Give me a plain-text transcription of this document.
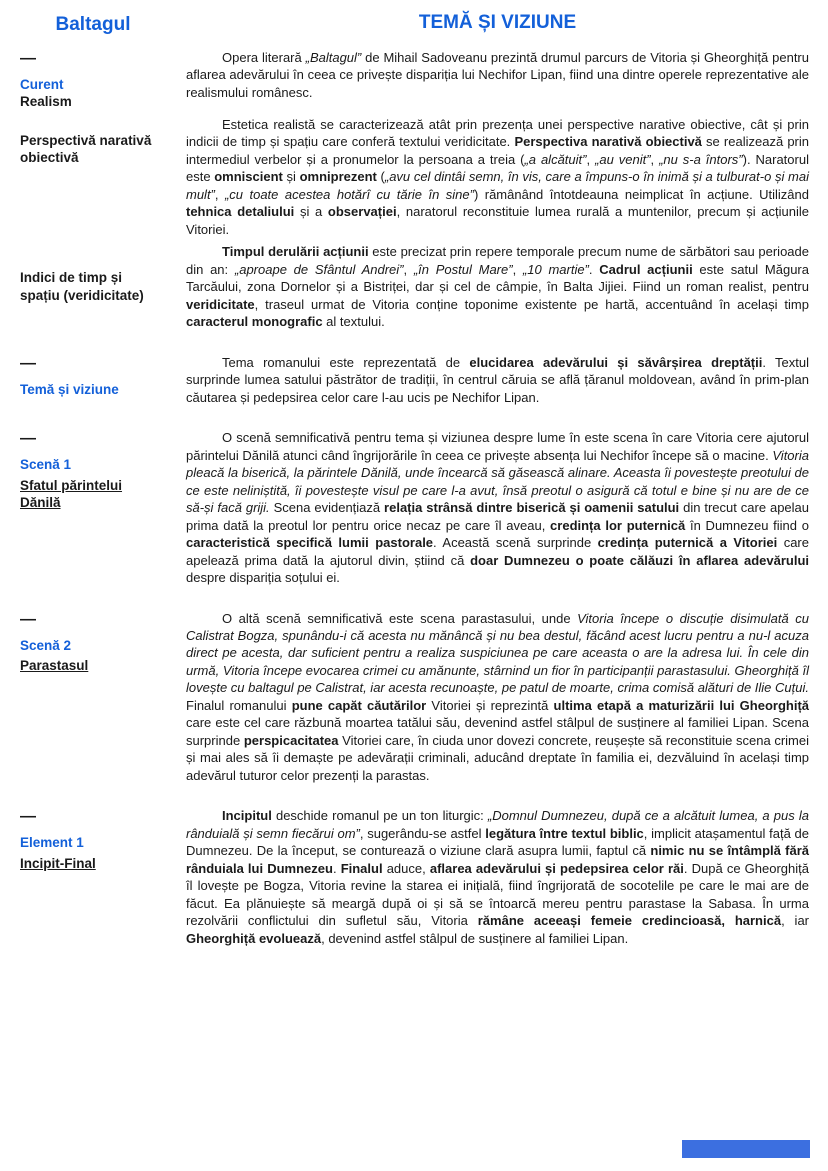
Baltagul	TEMĂ ȘI VIZIUNE
—
Curent
Realism

Opera literară „Baltagul” de Mihail Sadoveanu prezintă drumul parcurs de Vitoria și Gheorghiță pentru aflarea adevărului în ceea ce privește dispariția lui Nechifor Lipan, fiind una dintre operele reprezentative ale realismului românesc.

Perspectivă narativă obiectivă

Estetica realistă se caracterizează atât prin prezența unei perspective narative obiective, cât și prin indicii de timp și spațiu care conferă textului veridicitate. Perspectiva narativă obiectivă se realizează prin intermediul verbelor și a pronumelor la persoana a treia („a alcătuit”, „au venit”, „nu s-a întors”). Naratorul este omniscient și omniprezent („avu cel dintâi semn, în vis, care a împuns-o în inimă și a tulburat-o și mai mult”, „cu toate acestea hotărî cu tărie în sine”) rămânând întotdeauna neimplicat în acțiune. Utilizând tehnica detaliului și a observației, naratorul reconstituie lumea rurală a muntenilor, precum și acțiunile Vitoriei.

Indici de timp și spațiu (veridicitate)

Timpul derulării acțiunii este precizat prin repere temporale precum nume de sărbători sau perioade din an: „aproape de Sfântul Andrei”, „în Postul Mare”, „10 martie”. Cadrul acțiunii este satul Măgura Tarcăului, zona Dornelor și a Bistriței, dar și cel de câmpie, în Balta Jijiei. Fiind un roman realist, pentru veridicitate, traseul urmat de Vitoria conține toponime existente pe hartă, accentuând în același timp caracterul monografic al textului.

—
Temă și viziune

Tema romanului este reprezentată de elucidarea adevărului și săvârșirea dreptății. Textul surprinde lumea satului păstrător de tradiții, în centrul căruia se află țăranul moldovean, având în prim-plan căutarea și pedepsirea celor care l-au ucis pe Nechifor Lipan.

—
Scenă 1
Sfatul părintelui Dănilă

O scenă semnificativă pentru tema și viziunea despre lume în este scena în care Vitoria cere ajutorul părintelui Dănilă atunci când îngrijorările în ceea ce privește absența lui Nechifor începe să o macine. Vitoria pleacă la biserică, la părintele Dănilă, unde încearcă să găsească alinare. Aceasta îi povestește preotului de ce este neliniștită, îi povestește visul pe care l-a avut, însă preotul o asigură că totul e bine și nu are de ce să-și facă griji. Scena evidențiază relația strânsă dintre biserică și oamenii satului din trecut care apelau prima dată la preotul lor pentru orice necaz pe care îl aveau, credința lor puternică în Dumnezeu fiind o caracteristică specifică lumii pastorale. Această scenă surprinde credința puternică a Vitoriei care apelează prima dată la ajutorul divin, știind că doar Dumnezeu o poate călăuzi în aflarea adevărului despre dispariția soțului ei.

—
Scenă 2
Parastasul

O altă scenă semnificativă este scena parastasului, unde Vitoria începe o discuție disimulată cu Calistrat Bogza, spunându-i că acesta nu mănâncă și nu bea destul, făcând acest lucru pentru a nu-l acuza direct pe acesta, dar suficient pentru a realiza suspiciunea pe care aceasta o are la adresa lui. În cele din urmă, Vitoria începe evocarea crimei cu amănunte, stârnind un fior în participanții parastasului. Gheorghiță îl lovește cu baltagul pe Calistrat, iar acesta recunoaște, pe patul de moarte, crima comisă alături de Ilie Cuțui. Finalul romanului pune capăt căutărilor Vitoriei și reprezintă ultima etapă a maturizării lui Gheorghiță care este cel care răzbună moartea tatălui său, devenind astfel stâlpul de susținere al familiei Lipan. Scena surprinde perspicacitatea Vitoriei care, în ciuda unor dovezi concrete, reușește să reconstituie scena crimei și mai ales să îi demaște pe adevărații criminali, aducând dreptate în familia ei, dezvăluind în același timp adevărul tuturor celor prezenți la parastas.

—
Element 1
Incipit-Final

Incipitul deschide romanul pe un ton liturgic: „Domnul Dumnezeu, după ce a alcătuit lumea, a pus la rânduială și semn fiecărui om”, sugerându-se astfel legătura între textul biblic, implicit atașamentul față de Dumnezeu. De la început, se conturează o viziune clară asupra lumii, faptul că nimic nu se întâmplă fără rânduiala lui Dumnezeu. Finalul aduce, aflarea adevărului și pedepsirea celor răi. După ce Gheorghiță îl lovește pe Bogza, Vitoria revine la starea ei inițială, fiind îngrijorată de socotelile pe care le mai are de făcut. Ea plănuiește să meargă după oi și să se întoarcă mereu pentru parastase la Sabasa. În urma rezolvării conflictului din sufletul său, Vitoria rămâne aceeași femeie credincioasă, harnică, iar Gheorghiță evoluează, devenind astfel stâlpul de susținere al familiei Lipan.
